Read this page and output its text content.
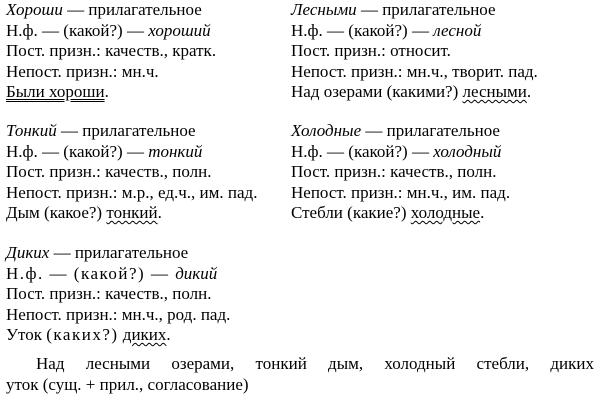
Хороши — прилагательное
Н.ф. — (какой?) — хороший
Пост. призн.: качеств., кратк.
Непост. призн.: мн.ч.
Были хороши.
Лесными — прилагательное
Н.ф. — (какой?) — лесной
Пост. призн.: относит.
Непост. призн.: мн.ч., творит. пад.
Над озерами (какими?) лесными.
Тонкий — прилагательное
Н.ф. — (какой?) — тонкий
Пост. призн.: качеств., полн.
Непост. призн.: м.р., ед.ч., им. пад.
Дым (какое?) тонкий.
Холодные — прилагательное
Н.ф. — (какой?) — холодный
Пост. призн.: качеств., полн.
Непост. призн.: мн.ч., им. пад.
Стебли (какие?) холодные.
Диких — прилагательное
Н.ф. — (какой?) — дикий
Пост. призн.: качеств., полн.
Непост. призн.: мн.ч., род. пад.
Уток (каких?) диких.
Над лесными озерами, тонкий дым, холодный стебли, диких
уток (сущ. + прил., согласование)
